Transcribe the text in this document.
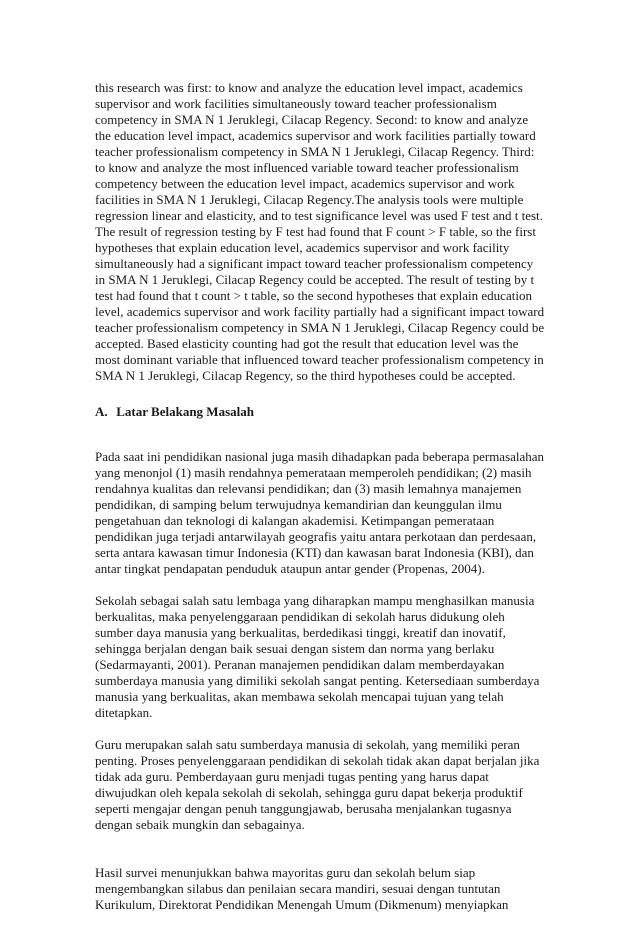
this research was first: to know and analyze the education level impact, academics
supervisor and work facilities simultaneously toward teacher professionalism
competency in SMA N 1 Jeruklegi, Cilacap Regency. Second: to know and analyze
the education level impact, academics supervisor and work facilities partially toward
teacher professionalism competency in SMA N 1 Jeruklegi, Cilacap Regency. Third:
to know and analyze the most influenced variable toward teacher professionalism
competency between the education level impact, academics supervisor and work
facilities in SMA N 1 Jeruklegi, Cilacap Regency.The analysis tools were multiple
regression linear and elasticity, and to test significance level was used F test and t test.
The result of regression testing by F test had found that F count > F table, so the first
hypotheses that explain education level, academics supervisor and work facility
simultaneously had a significant impact toward teacher professionalism competency
in SMA N 1 Jeruklegi, Cilacap Regency could be accepted. The result of testing by t
test had found that t count > t table, so the second hypotheses that explain education
level, academics supervisor and work facility partially had a significant impact toward
teacher professionalism competency in SMA N 1 Jeruklegi, Cilacap Regency could be
accepted. Based elasticity counting had got the result that education level was the
most dominant variable that influenced toward teacher professionalism competency in
SMA N 1 Jeruklegi, Cilacap Regency, so the third hypotheses could be accepted.

A. Latar Belakang Masalah

Pada saat ini pendidikan nasional juga masih dihadapkan pada beberapa permasalahan
yang menonjol (1) masih rendahnya pemerataan memperoleh pendidikan; (2) masih
rendahnya kualitas dan relevansi pendidikan; dan (3) masih lemahnya manajemen
pendidikan, di samping belum terwujudnya kemandirian dan keunggulan ilmu
pengetahuan dan teknologi di kalangan akademisi. Ketimpangan pemerataan
pendidikan juga terjadi antarwilayah geografis yaitu antara perkotaan dan perdesaan,
serta antara kawasan timur Indonesia (KTI) dan kawasan barat Indonesia (KBI), dan
antar tingkat pendapatan penduduk ataupun antar gender (Propenas, 2004).

Sekolah sebagai salah satu lembaga yang diharapkan mampu menghasilkan manusia
berkualitas, maka penyelenggaraan pendidikan di sekolah harus didukung oleh
sumber daya manusia yang berkualitas, berdedikasi tinggi, kreatif dan inovatif,
sehingga berjalan dengan baik sesuai dengan sistem dan norma yang berlaku
(Sedarmayanti, 2001). Peranan manajemen pendidikan dalam memberdayakan
sumberdaya manusia yang dimiliki sekolah sangat penting. Ketersediaan sumberdaya
manusia yang berkualitas, akan membawa sekolah mencapai tujuan yang telah
ditetapkan.

Guru merupakan salah satu sumberdaya manusia di sekolah, yang memiliki peran
penting. Proses penyelenggaraan pendidikan di sekolah tidak akan dapat berjalan jika
tidak ada guru. Pemberdayaan guru menjadi tugas penting yang harus dapat
diwujudkan oleh kepala sekolah di sekolah, sehingga guru dapat bekerja produktif
seperti mengajar dengan penuh tanggungjawab, berusaha menjalankan tugasnya
dengan sebaik mungkin dan sebagainya.

Hasil survei menunjukkan bahwa mayoritas guru dan sekolah belum siap
mengembangkan silabus dan penilaian secara mandiri, sesuai dengan tuntutan
Kurikulum, Direktorat Pendidikan Menengah Umum (Dikmenum) menyiapkan
